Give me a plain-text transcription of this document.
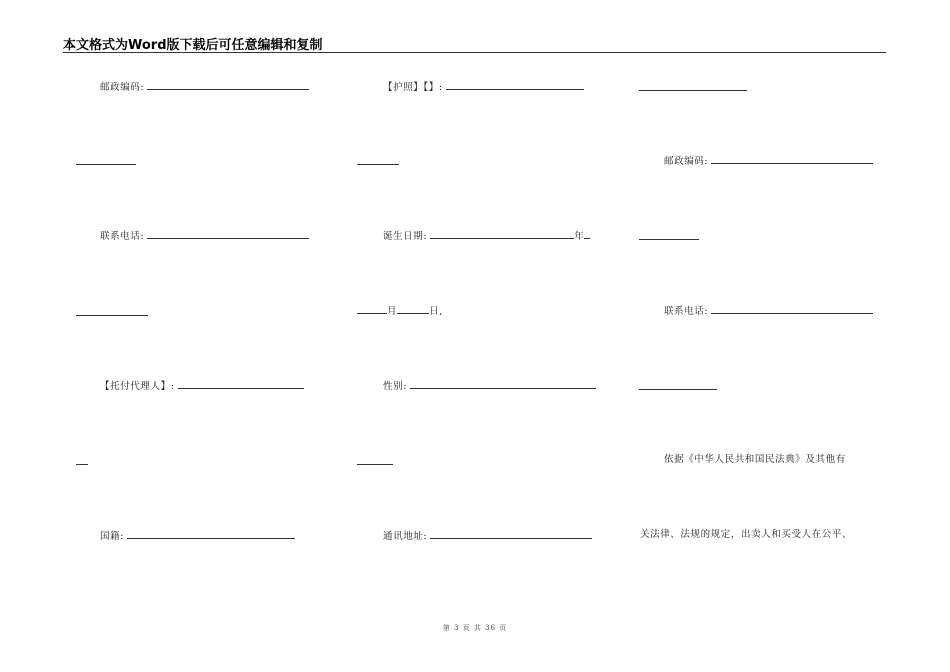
本文格式为Word版下载后可任意编辑和复制
邮政编码:	【护照】【】:
邮政编码:
联系电话:	诞生日期:	年
月	日,	联系电话:
【托付代理人】:	性别:
依据《中华人民共和国民法典》及其他有
国籍:	通讯地址:	关法律、法规的规定，出卖人和买受人在公平、
第 3 页 共 36 页
